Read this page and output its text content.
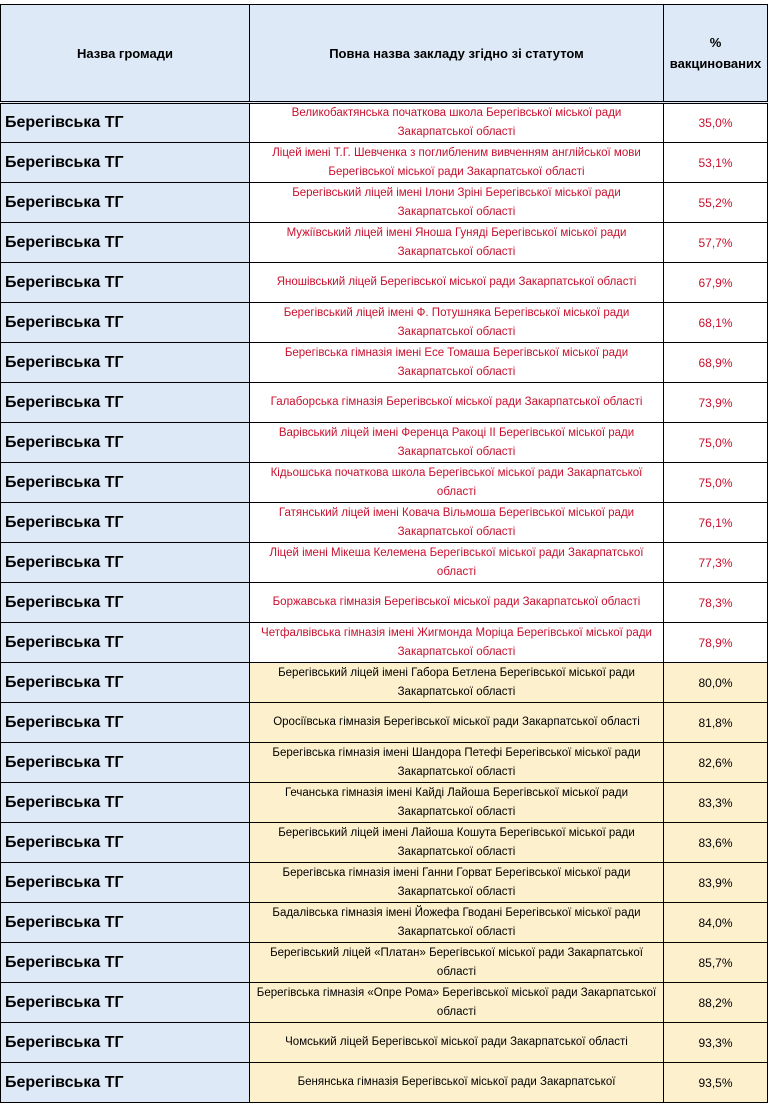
Назва громади	Повна назва закладу згідно зі статутом	%
вакцинованих
Берегівська ТГ	Великобактянська початкова школа Берегівської міської ради Закарпатської області	35,0%
Берегівська ТГ	Ліцей імені Т.Г. Шевченка з поглибленим вивченням англійської мови Берегівської міської ради Закарпатської області	53,1%
Берегівська ТГ	Берегівський ліцей імені Ілони Зріні Берегівської міської ради Закарпатської області	55,2%
Берегівська ТГ	Мужіївський ліцей імені Яноша Гуняді Берегівської міської ради Закарпатської області	57,7%
Берегівська ТГ	Яношівський ліцей Берегівської міської ради Закарпатської області	67,9%
Берегівська ТГ	Берегівський ліцей імені Ф. Потушняка Берегівської міської ради Закарпатської області	68,1%
Берегівська ТГ	Берегівська гімназія імені Есе Томаша Берегівської міської ради Закарпатської області	68,9%
Берегівська ТГ	Галаборська гімназія Берегівської міської ради Закарпатської області	73,9%
Берегівська ТГ	Варівський ліцей імені Ференца Ракоці ІІ Берегівської міської ради Закарпатської області	75,0%
Берегівська ТГ	Кідьошська початкова школа Берегівської міської ради Закарпатської області	75,0%
Берегівська ТГ	Гатянський ліцей імені Ковача Вільмоша Берегівської міської ради Закарпатської області	76,1%
Берегівська ТГ	Ліцей імені Мікеша Келемена Берегівської міської ради Закарпатської області	77,3%
Берегівська ТГ	Боржавська гімназія Берегівської міської ради Закарпатської області	78,3%
Берегівська ТГ	Четфалвівська гімназія імені Жигмонда Моріца Берегівської міської ради Закарпатської області	78,9%
Берегівська ТГ	Берегівський ліцей імені Габора Бетлена Берегівської міської ради Закарпатської області	80,0%
Берегівська ТГ	Оросіївська гімназія Берегівської міської ради Закарпатської області	81,8%
Берегівська ТГ	Берегівська гімназія імені Шандора Петефі Берегівської міської ради Закарпатської області	82,6%
Берегівська ТГ	Гечанська гімназія імені Кайді Лайоша Берегівської міської ради Закарпатської області	83,3%
Берегівська ТГ	Берегівський ліцей імені Лайоша Кошута Берегівської міської ради Закарпатської області	83,6%
Берегівська ТГ	Берегівська гімназія імені Ганни Горват Берегівської міської ради Закарпатської області	83,9%
Берегівська ТГ	Бадалівська гімназія імені Йожефа Гводані Берегівської міської ради Закарпатської області	84,0%
Берегівська ТГ	Берегівський ліцей «Платан» Берегівської міської ради Закарпатської області	85,7%
Берегівська ТГ	Берегівська гімназія «Опре Рома» Берегівської міської ради Закарпатської області	88,2%
Берегівська ТГ	Чомський ліцей Берегівської міської ради Закарпатської області	93,3%
Берегівська ТГ	Бенянська гімназія Берегівської міської ради Закарпатської	93,5%
